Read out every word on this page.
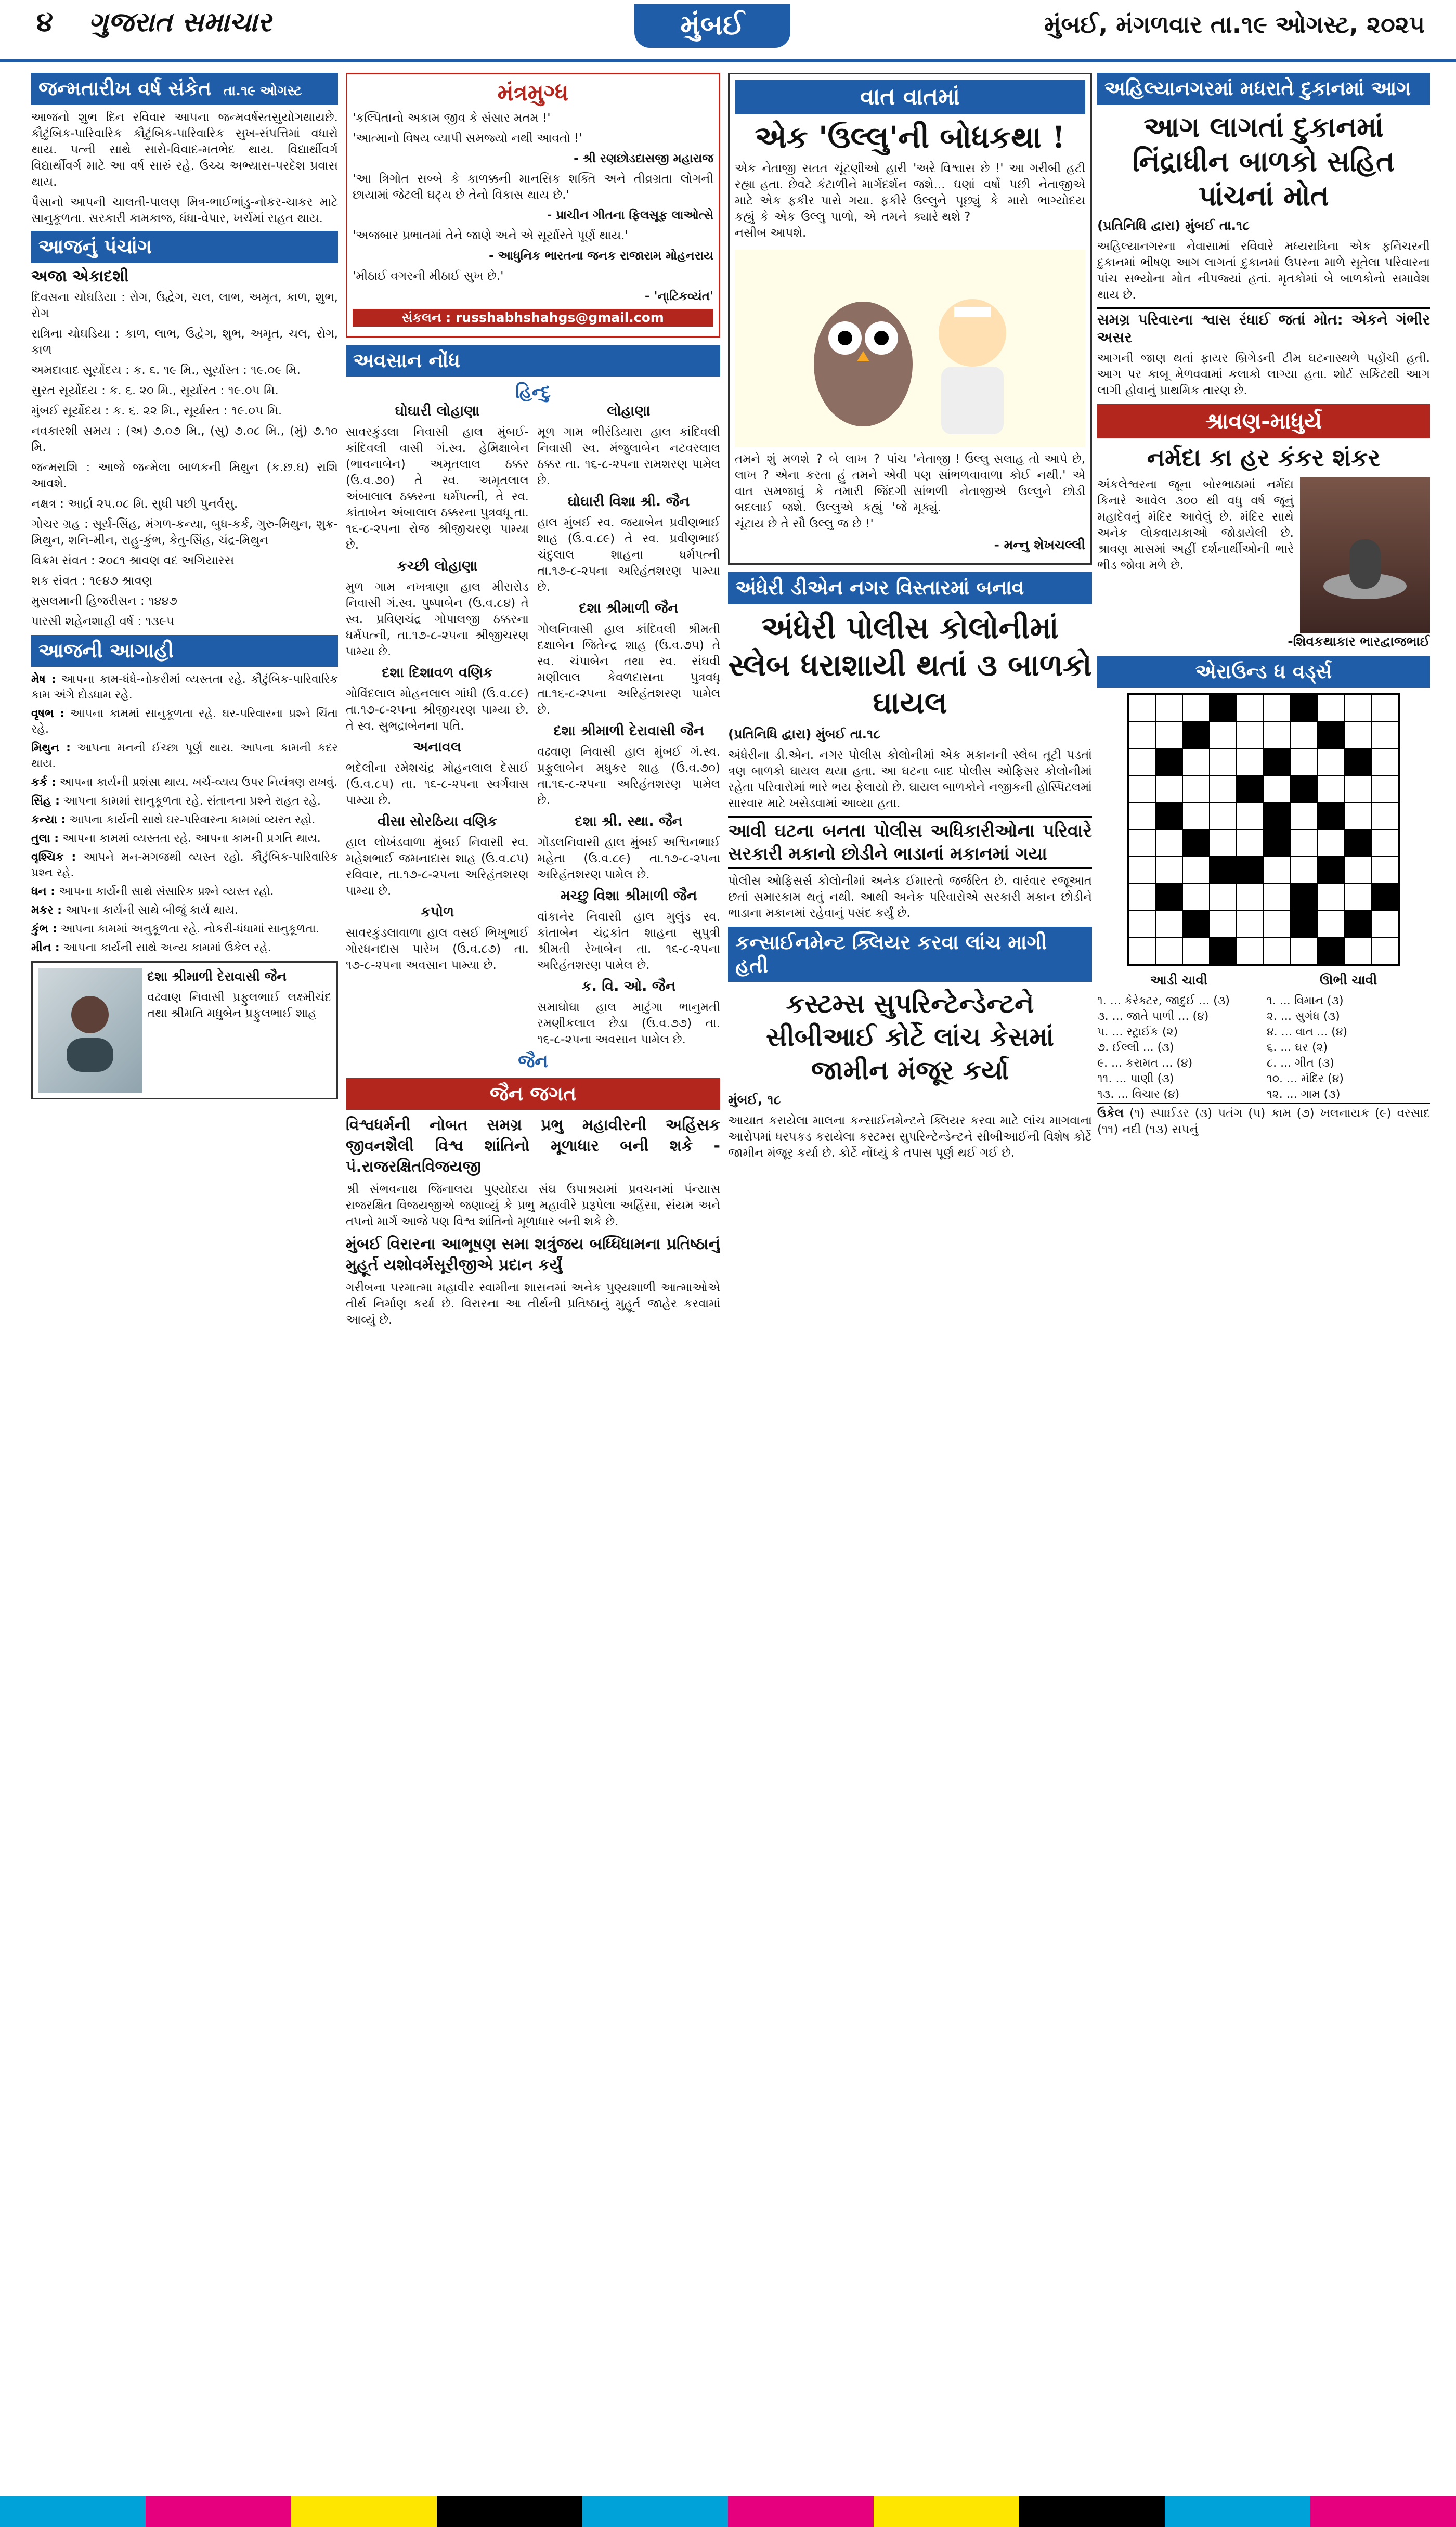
૪ ગુજરાત સમાચાર	મુંબઈ	મુંબઈ, મંગળવાર તા.૧૯ ઓગસ્ટ, ૨૦૨૫
જન્મતારીખ વર્ષ સંકેત તા.૧૯ ઓગસ્ટ
આજનો શુભ દિન રવિવાર આપના જન્મવર્ષસ્તસુયોગથાયછે. કૌટુંબિક-પારિવારિક કૌટુંબિક-પારિવારિક સુખ-સંપત્તિમાં વધારો થાય. પત્ની સાથે સારો-વિવાદ-મતભેદ થાય. વિદ્યાર્થીવર્ગ વિદ્યાર્થીવર્ગ માટે આ વર્ષ સારું રહે. ઉચ્ચ અભ્યાસ-પરદેશ પ્રવાસ થાય.
પૈસાનો આપની ચાલતી-પાલણ મિત્ર-ભાઈભાંડુ-નોકર-ચાકર માટે સાનુકૂળતા. સરકારી કામકાજ, ધંધા-વેપાર, ખર્ચમાં રાહત થાય.
આજનું પંચાંગ
અજા એકાદશી
દિવસના ચોઘડિયા : રોગ, ઉદ્વેગ, ચલ, લાભ, અમૃત, કાળ, શુભ, રોગ
રાત્રિના ચોઘડિયા : કાળ, લાભ, ઉદ્વેગ, શુભ, અમૃત, ચલ, રોગ, કાળ
અમદાવાદ સૂર્યોદય : ક. ૬. ૧૯ મિ., સૂર્યાસ્ત : ૧૯.૦૯ મિ.
સુરત સૂર્યોદય : ક. ૬. ૨૦ મિ., સૂર્યાસ્ત : ૧૯.૦૫ મિ.
મુંબઈ સૂર્યોદય : ક. ૬. ૨૨ મિ., સૂર્યાસ્ત : ૧૯.૦૫ મિ.
નવકારશી સમય : (અ) ૭.૦૭ મિ., (સુ) ૭.૦૮ મિ., (મું) ૭.૧૦ મિ.
જન્મરાશિ : આજે જન્મેલા બાળકની મિથુન (ક.છ.ઘ) રાશિ આવશે.
નક્ષત્ર : આર્દ્રા ૨૫.૦૮ મિ. સુધી પછી પુનર્વસુ.
ગોચર ગ્રહ : સૂર્ય-સિંહ, મંગળ-કન્યા, બુધ-કર્ક, ગુરુ-મિથુન, શુક્ર-મિથુન, શનિ-મીન, રાહુ-કુંભ, કેતુ-સિંહ, ચંદ્ર-મિથુન
વિક્રમ સંવત : ૨૦૮૧ શ્રાવણ વદ અગિયારસ
શક સંવત : ૧૯૪૭ શ્રાવણ
મુસલમાની હિજરીસન : ૧૪૪૭
પારસી શહેનશાહી વર્ષ : ૧૩૯૫
આજની આગાહી
મેષ : આપના કામ-ધંધે-નોકરીમાં વ્યસ્તતા રહે. કૌટુંબિક-પારિવારિક કામ અંગે દોડધામ રહે.
વૃષભ : આપના કામમાં સાનુકૂળતા રહે. ઘર-પરિવારના પ્રશ્ને ચિંતા રહે.
મિથુન : આપના મનની ઈચ્છા પૂર્ણ થાય. આપના કામની કદર થાય.
કર્ક : આપના કાર્યની પ્રશંસા થાય. ખર્ચ-વ્યય ઉપર નિયંત્રણ રાખવું.
સિંહ : આપના કામમાં સાનુકૂળતા રહે. સંતાનના પ્રશ્ને રાહત રહે.
કન્યા : આપના કાર્યની સાથે ઘર-પરિવારના કામમાં વ્યસ્ત રહો.
તુલા : આપના કામમાં વ્યસ્તતા રહે. આપના કામની પ્રગતિ થાય.
વૃશ્ચિક : આપને મન-મગજથી વ્યસ્ત રહો. કૌટુંબિક-પારિવારિક પ્રશ્ન રહે.
ધન : આપના કાર્યની સાથે સંસારિક પ્રશ્ને વ્યસ્ત રહો.
મકર : આપના કાર્યની સાથે બીજું કાર્ય થાય.
કુંભ : આપના કામમાં અનુકૂળતા રહે. નોકરી-ધંધામાં સાનુકૂળતા.
મીન : આપના કાર્યની સાથે અન્ય કામમાં ઉકેલ રહે.
દશા શ્રીમાળી દેરાવાસી જૈન
વઢવાણ નિવાસી પ્રફુલભાઈ લક્ષ્મીચંદ તથા શ્રીમતિ મધુબેન પ્રફુલભાઈ શાહ
મંત્રમુગ્ધ
'કલ્પિતાનો અકામ જીવ કે સંસાર મતમ !'
'આત્માનો વિષય વ્યાપી સમજ્યો નથી આવતો !'
- શ્રી રણછોડદાસજી મહારાજ
'આ ત્રિગોત સબ્બે કે કાળક્કની માનસિક શક્તિ અને તીવ્રગ્રતા લોગની છાયામાં જેટલી ઘટ્ય છે તેનો વિકાસ થાય છે.'
- પ્રાચીન ગીતના ફિલસૂફ લાઓત્સે
'અજબાર પ્રભાતમાં તેને જાણે અને એ સૂર્યાસ્તે પૂર્ણ થાય.'
- આધુનિક ભારતના જનક રાજારામ મોહનરાય
'મીઠાઈ વગરની મીઠાઈ સુખ છે.'
- 'ના્ટિકવ્યંત'
સંકલન : russhabhshahgs@gmail.com
અવસાન નોંધ
હિન્દુ
ઘોઘારી લોહાણા
સાવરકુંડલા નિવાસી હાલ મુંબઈ-કાંદિવલી વાસી ગં.સ્વ. હેમિક્ષાબેન (ભાવનાબેન) અમૃતલાલ ઠક્કર (ઉ.વ.૭૦) તે સ્વ. અમૃતલાલ અંબાલાલ ઠક્કરના ધર્મપત્ની, તે સ્વ. કાંતાબેન અંબાલાલ ઠક્કરના પુત્રવધૂ તા. ૧૬-૮-૨૫ના રોજ શ્રીજીચરણ પામ્યા છે.
કચ્છી લોહાણા
મુળ ગામ નખત્રાણા હાલ મીરારોડ નિવાસી ગં.સ્વ. પુષ્પાબેન (ઉ.વ.૮૪) તે સ્વ. પ્રવિણચંદ્ર ગોપાલજી ઠક્કરના ધર્મપત્ની, તા.૧૭-૮-૨૫ના શ્રીજીચરણ પામ્યા છે.
દશા દિશાવળ વણિક
ગોવિંદલાલ મોહનલાલ ગાંધી (ઉ.વ.૮૯) તા.૧૭-૮-૨૫ના શ્રીજીચરણ પામ્યા છે. તે સ્વ. સુભદ્રાબેનના પતિ.
અનાવલ
ભદેલીના રમેશચંદ્ર મોહનલાલ દેસાઈ (ઉ.વ.૮૫) તા. ૧૬-૮-૨૫ના સ્વર્ગવાસ પામ્યા છે.
વીસા સોરઠિયા વણિક
હાલ લોખંડવાળા મુંબઈ નિવાસી સ્વ. મહેશભાઈ જમનાદાસ શાહ (ઉ.વ.૮૫) રવિવાર, તા.૧૭-૮-૨૫ના અરિહંતશરણ પામ્યા છે.
કપોળ
સાવરકુંડલાવાળા હાલ વસઈ ભિખુભાઈ ગોરધનદાસ પારેખ (ઉ.વ.૮૭) તા. ૧૭-૮-૨૫ના અવસાન પામ્યા છે.
લોહાણા
મૂળ ગામ ભીરંડિયારા હાલ કાંદિવલી નિવાસી સ્વ. મંજુલાબેન નટવરલાલ ઠક્કર તા. ૧૬-૮-૨૫ના રામશરણ પામેલ છે.
ઘોઘારી વિશા શ્રી. જૈન
હાલ મુંબઈ સ્વ. જયાબેન પ્રવીણભાઈ શાહ (ઉ.વ.૮૯) તે સ્વ. પ્રવીણભાઈ ચંદુલાલ શાહના ધર્મપત્ની તા.૧૭-૮-૨૫ના અરિહંતશરણ પામ્યા છે.
દશા શ્રીમાળી જૈન
ગોલનિવાસી હાલ કાંદિવલી શ્રીમતી દક્ષાબેન જિતેન્દ્ર શાહ (ઉ.વ.૭૫) તે સ્વ. ચંપાબેન તથા સ્વ. સંઘવી મણીલાલ કેવળદાસના પુત્રવધૂ તા.૧૬-૮-૨૫ના અરિહંતશરણ પામેલ છે.
દશા શ્રીમાળી દેરાવાસી જૈન
વઢવાણ નિવાસી હાલ મુંબઈ ગં.સ્વ. પ્રફુલાબેન મધુકર શાહ (ઉ.વ.૭૦) તા.૧૬-૮-૨૫ના અરિહંતશરણ પામેલ છે.
દશા શ્રી. સ્થા. જૈન
ગોંડલનિવાસી હાલ મુંબઈ અશ્વિનભાઈ મહેતા (ઉ.વ.૮૯) તા.૧૭-૮-૨૫ના અરિહંતશરણ પામેલ છે.
મચ્છુ વિશા શ્રીમાળી જૈન
વાંકાનેર નિવાસી હાલ મુલુંડ સ્વ. કાંતાબેન ચંદ્રકાંત શાહના સુપુત્રી શ્રીમતી રેખાબેન તા. ૧૬-૮-૨૫ના અરિહંતશરણ પામેલ છે.
ક. વિ. ઓ. જૈન
સમાઘોઘા હાલ માટુંગા ભાનુમતી રમણીકલાલ છેડા (ઉ.વ.૭૭) તા. ૧૬-૮-૨૫ના અવસાન પામેલ છે.
જૈન
જૈન જગત
વિશ્વધર્મની નોબત સમગ્ર પ્રભુ મહાવીરની અહિંસક જીવનશૈલી વિશ્વ શાંતિનો મૂળાધાર બની શકે - પં.રાજરક્ષિતવિજયજી
શ્રી સંભવનાથ જિનાલય પુણ્યોદય સંઘ ઉપાશ્રયમાં પ્રવચનમાં પંન્યાસ રાજરક્ષિત વિજયજીએ જણાવ્યું કે પ્રભુ મહાવીરે પ્રરૂપેલા અહિંસા, સંયમ અને તપનો માર્ગ આજે પણ વિશ્વ શાંતિનો મૂળાધાર બની શકે છે.
મુંબઈ વિરારના આભૂષણ સમા શત્રુંજય બધ્ધિધામના પ્રતિષ્ઠાનું મુહૂર્ત યશોવર્મસૂરીજીએ પ્રદાન કર્યું
ગરીબના પરમાત્મા મહાવીર સ્વામીના શાસનમાં અનેક પુણ્યશાળી આત્માઓએ તીર્થ નિર્માણ કર્યા છે. વિરારના આ તીર્થની પ્રતિષ્ઠાનું મુહૂર્ત જાહેર કરવામાં આવ્યું છે.
વાત વાતમાં
એક 'ઉલ્લુ'ની બોધકથા !
એક નેતાજી સતત ચૂંટણીઓ હારી રહ્યા હતા. છેવટે કંટાળીને માર્ગદર્શન માટે એક ફકીર પાસે ગયા. ફકીરે કહ્યું કે એક ઉલ્લુ પાળો, એ તમને નસીબ આપશે.
'અરે વિશ્વાસ છે !' આ ગરીબી હટી જશે... ઘણાં વર્ષો પછી નેતાજીએ ઉલ્લુને પૂછ્યું કે મારો ભાગ્યોદય ક્યારે થશે ?
તમને શું મળશે ? બે લાખ ? પાંચ લાખ ? એના કરતા હું તમને એવી વાત સમજાવું કે તમારી જિંદગી બદલાઈ જશે. ઉલ્લુએ કહ્યું 'જે ચૂંટાય છે તે સૌ ઉલ્લુ જ છે !'
'નેતાજી ! ઉલ્લુ સલાહ તો આપે છે, પણ સાંભળવાવાળા કોઈ નથી.' એ સાંભળી નેતાજીએ ઉલ્લુને છોડી મૂક્યું.
- મન્નુ શેખચલ્લી
અંધેરી ડીએન નગર વિસ્તારમાં બનાવ
અંધેરી પોલીસ કોલોનીમાં સ્લેબ ધરાશાયી થતાં ૩ બાળકો ઘાયલ
(પ્રતિનિધિ દ્વારા) મુંબઈ તા.૧૮
અંધેરીના ડી.એન. નગર પોલીસ કોલોનીમાં એક મકાનની સ્લેબ તૂટી પડતાં ત્રણ બાળકો ઘાયલ થયા હતા. આ ઘટના બાદ પોલીસ ઓફિસર કોલોનીમાં રહેતા પરિવારોમાં ભારે ભય ફેલાયો છે. ઘાયલ બાળકોને નજીકની હોસ્પિટલમાં સારવાર માટે ખસેડવામાં આવ્યા હતા.
આવી ઘટના બનતા પોલીસ અધિકારીઓના પરિવારે સરકારી મકાનો છોડીને ભાડાનાં મકાનમાં ગયા
પોલીસ ઓફિસર્સ કોલોનીમાં અનેક ઈમારતો જર્જરિત છે. વારંવાર રજૂઆત છતાં સમારકામ થતું નથી. આથી અનેક પરિવારોએ સરકારી મકાન છોડીને ભાડાના મકાનમાં રહેવાનું પસંદ કર્યું છે.
કન્સાઈનમેન્ટ ક્લિયર કરવા લાંચ માગી હતી
કસ્ટમ્સ સુપરિન્ટેન્ડેન્ટને સીબીઆઈ કોર્ટે લાંચ કેસમાં જામીન મંજૂર કર્યા
મુંબઈ, ૧૮
આયાત કરાયેલા માલના કન્સાઈનમેન્ટને ક્લિયર કરવા માટે લાંચ માગવાના આરોપમાં ધરપકડ કરાયેલા કસ્ટમ્સ સુપરિન્ટેન્ડેન્ટને સીબીઆઈની વિશેષ કોર્ટે જામીન મંજૂર કર્યા છે. કોર્ટે નોંધ્યું કે તપાસ પૂર્ણ થઈ ગઈ છે.
અહિલ્યાનગરમાં મધરાતે દુકાનમાં આગ
આગ લાગતાં દુકાનમાં નિંદ્રાધીન બાળકો સહિત પાંચનાં મોત
(પ્રતિનિધિ દ્વારા) મુંબઈ તા.૧૮
અહિલ્યાનગરના નેવાસામાં રવિવારે મધ્યરાત્રિના એક ફર્નિચરની દુકાનમાં ભીષણ આગ લાગતાં દુકાનમાં ઉપરના માળે સૂતેલા પરિવારના પાંચ સભ્યોના મોત નીપજ્યાં હતાં. મૃતકોમાં બે બાળકોનો સમાવેશ થાય છે.
સમગ્ર પરિવારના શ્વાસ રંધાઈ જતાં મોત: એકને ગંભીર અસર
આગની જાણ થતાં ફાયર બ્રિગેડની ટીમ ઘટનાસ્થળે પહોંચી હતી. આગ પર કાબૂ મેળવવામાં કલાકો લાગ્યા હતા. શોર્ટ સર્કિટથી આગ લાગી હોવાનું પ્રાથમિક તારણ છે.
શ્રાવણ-માધુર્ય
નર્મદા કા હર કંકર શંકર
અંકલેશ્વરના જૂના બોરભાઠામાં નર્મદા કિનારે આવેલ ૩૦૦ થી વધુ વર્ષ જૂનું મહાદેવનું મંદિર આવેલું છે. મંદિર સાથે અનેક લોકવાયકાઓ જોડાયેલી છે. શ્રાવણ માસમાં અહીં દર્શનાર્થીઓની ભારે ભીડ જોવા મળે છે.
-શિવકથાકાર ભારદ્વાજભાઈ
એરાઉન્ડ ધ વર્ડ્સ
આડી ચાવી
૧. ... કેરેક્ટર, જાદુઈ ... (૩)
૩. ... જાતે પાળી ... (૪)
૫. ... સ્ટ્રાઈક (૨)
૭. ઈલ્લી ... (૩)
૯. ... કરામત ... (૪)
૧૧. ... પાણી (૩)
૧૩. ... વિચાર (૪)
ઊભી ચાવી
૧. ... વિમાન (૩)
૨. ... સુગંધ (૩)
૪. ... વાત ... (૪)
૬. ... ઘર (૨)
૮. ... ગીત (૩)
૧૦. ... મંદિર (૪)
૧૨. ... ગામ (૩)
ઉકેલ (૧) સ્પાઈડર (૩) પતંગ (૫) કામ (૭) ખલનાયક (૯) વરસાદ (૧૧) નદી (૧૩) સપનું
